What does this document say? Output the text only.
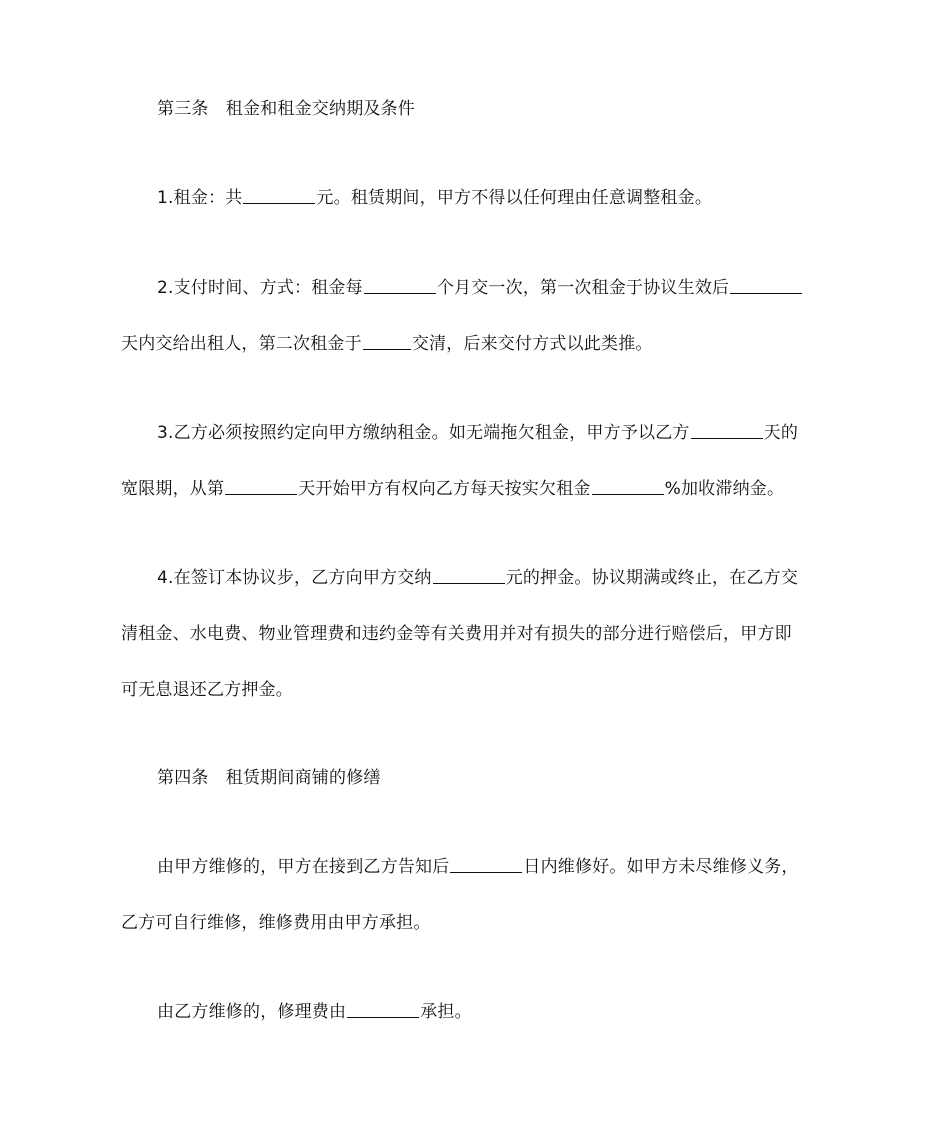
第三条　租金和租金交纳期及条件
1.租金：共	元。租赁期间，甲方不得以任何理由任意调整租金。
2.支付时间、方式：租金每	个月交一次，第一次租金于协议生效后
天内交给出租人，第二次租金于	交清，后来交付方式以此类推。
3.乙方必须按照约定向甲方缴纳租金。如无端拖欠租金，甲方予以乙方	天的
宽限期，从第	天开始甲方有权向乙方每天按实欠租金	%加收滞纳金。
4.在签订本协议步，乙方向甲方交纳	元的押金。协议期满或终止，在乙方交
清租金、水电费、物业管理费和违约金等有关费用并对有损失的部分进行赔偿后，甲方即
可无息退还乙方押金。
第四条　租赁期间商铺的修缮
由甲方维修的，甲方在接到乙方告知后	日内维修好。如甲方未尽维修义务，
乙方可自行维修，维修费用由甲方承担。
由乙方维修的，修理费由	承担。
